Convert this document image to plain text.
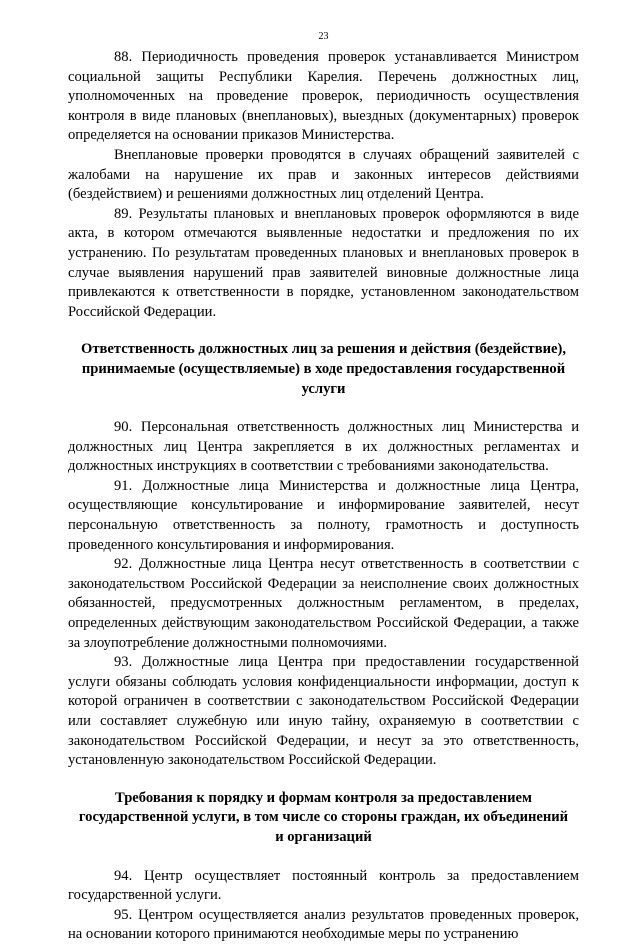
23

88. Периодичность проведения проверок устанавливается Министром социальной защиты Республики Карелия. Перечень должностных лиц, уполномоченных на проведение проверок, периодичность осуществления контроля в виде плановых (внеплановых), выездных (документарных) проверок определяется на основании приказов Министерства.

Внеплановые проверки проводятся в случаях обращений заявителей с жалобами на нарушение их прав и законных интересов действиями (бездействием) и решениями должностных лиц отделений Центра.

89. Результаты плановых и внеплановых проверок оформляются в виде акта, в котором отмечаются выявленные недостатки и предложения по их устранению. По результатам проведенных плановых и внеплановых проверок в случае выявления нарушений прав заявителей виновные должностные лица привлекаются к ответственности в порядке, установленном законодательством Российской Федерации.

Ответственность должностных лиц за решения и действия (бездействие), принимаемые (осуществляемые) в ходе предоставления государственной услуги

90. Персональная ответственность должностных лиц Министерства и должностных лиц Центра закрепляется в их должностных регламентах и должностных инструкциях в соответствии с требованиями законодательства.

91. Должностные лица Министерства и должностные лица Центра, осуществляющие консультирование и информирование заявителей, несут персональную ответственность за полноту, грамотность и доступность проведенного консультирования и информирования.

92. Должностные лица Центра несут ответственность в соответствии с законодательством Российской Федерации за неисполнение своих должностных обязанностей, предусмотренных должностным регламентом, в пределах, определенных действующим законодательством Российской Федерации, а также за злоупотребление должностными полномочиями.

93. Должностные лица Центра при предоставлении государственной услуги обязаны соблюдать условия конфиденциальности информации, доступ к которой ограничен в соответствии с законодательством Российской Федерации или составляет служебную или иную тайну, охраняемую в соответствии с законодательством Российской Федерации, и несут за это ответственность, установленную законодательством Российской Федерации.

Требования к порядку и формам контроля за предоставлением государственной услуги, в том числе со стороны граждан, их объединений и организаций

94. Центр осуществляет постоянный контроль за предоставлением государственной услуги.

95. Центром осуществляется анализ результатов проведенных проверок, на основании которого принимаются необходимые меры по устранению
